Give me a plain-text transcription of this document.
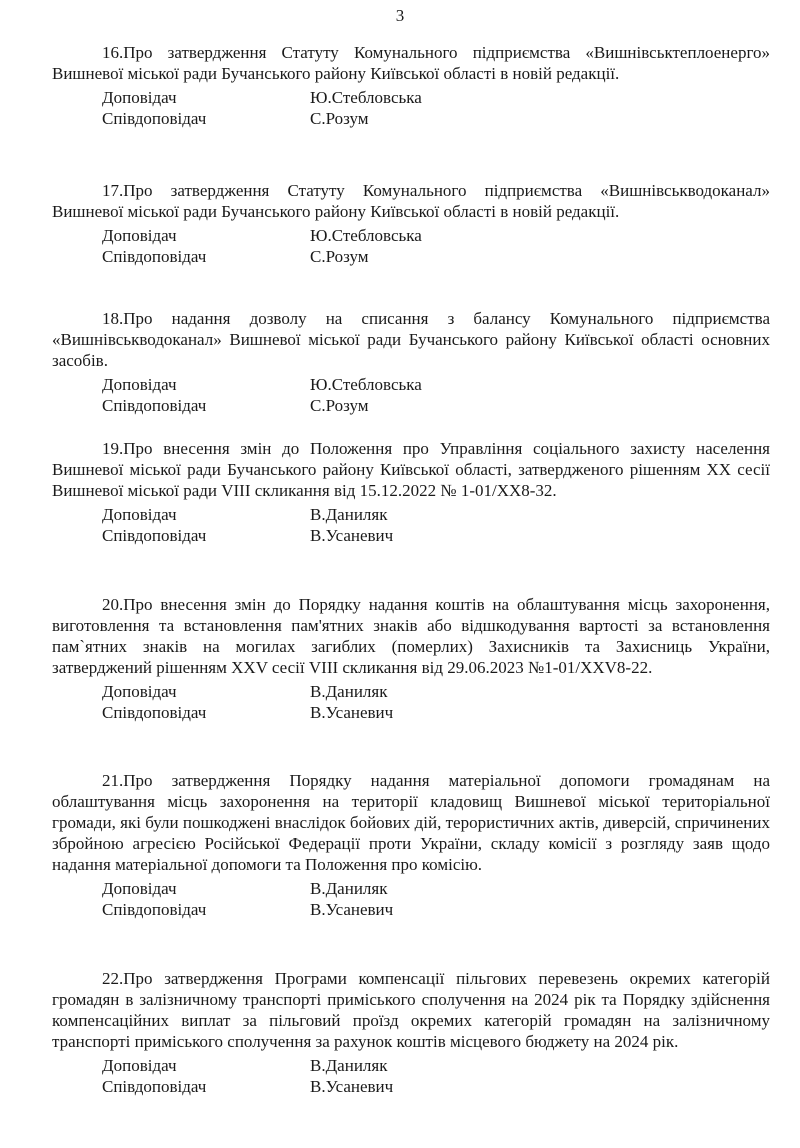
3

16.Про затвердження Статуту Комунального підприємства «Вишнівськтеплоенерго» Вишневої міської ради Бучанського району Київської області в новій редакції.

Доповідач	Ю.Стебловська
Співдоповідач	С.Розум

17.Про затвердження Статуту Комунального підприємства «Вишнівськводоканал» Вишневої міської ради Бучанського району Київської області в новій редакції.

Доповідач	Ю.Стебловська
Співдоповідач	С.Розум

18.Про надання дозволу на списання з балансу Комунального підприємства «Вишнівськводоканал» Вишневої міської ради Бучанського району Київської області основних засобів.

Доповідач	Ю.Стебловська
Співдоповідач	С.Розум

19.Про внесення змін до Положення про Управління соціального захисту населення Вишневої міської ради Бучанського району Київської області, затвердженого рішенням XX сесії Вишневої міської ради VIII скликання від 15.12.2022 № 1-01/XX8-32.

Доповідач	В.Даниляк
Співдоповідач	В.Усаневич

20.Про внесення змін до Порядку надання коштів на облаштування місць захоронення, виготовлення та встановлення пам'ятних знаків або відшкодування вартості за встановлення пам`ятних знаків на могилах загиблих (померлих) Захисників та Захисниць України, затверджений рішенням XXV сесії VIII скликання від 29.06.2023 №1-01/XXV8-22.

Доповідач	В.Даниляк
Співдоповідач	В.Усаневич

21.Про затвердження Порядку надання матеріальної допомоги громадянам на облаштування місць захоронення на території кладовищ Вишневої міської територіальної громади, які були пошкоджені внаслідок бойових дій, терористичних актів, диверсій, спричинених збройною агресією Російської Федерації проти України, складу комісії з розгляду заяв щодо надання матеріальної допомоги та Положення про комісію.

Доповідач	В.Даниляк
Співдоповідач	В.Усаневич

22.Про затвердження Програми компенсації пільгових перевезень окремих категорій громадян в залізничному транспорті приміського сполучення на 2024 рік та Порядку здійснення компенсаційних виплат за пільговий проїзд окремих категорій громадян на залізничному транспорті приміського сполучення за рахунок коштів місцевого бюджету на 2024 рік.

Доповідач	В.Даниляк
Співдоповідач	В.Усаневич
